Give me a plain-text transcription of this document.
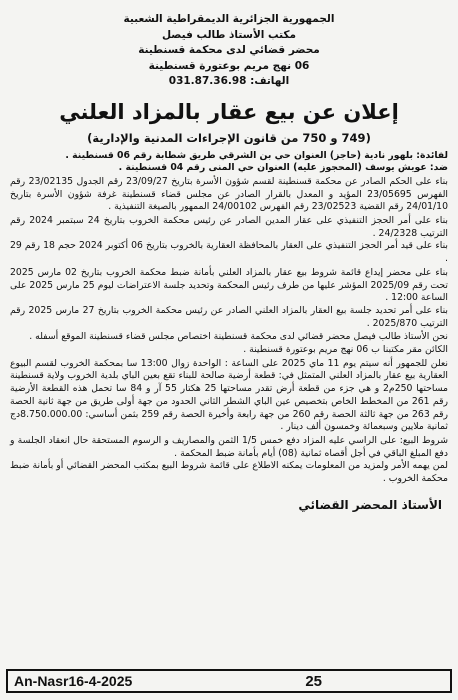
الجمهورية الجزائرية الديمقراطية الشعبية
مكتب الأستاذ طالب فيصل
محضر قضائي لدى محكمة قسنطينة
06 نهج مريم بوعتورة قسنطينة
الهاتف: 031.87.36.98
إعلان عن بيع عقار بالمزاد العلني
(749 و 750 من قانون الإجراءات المدنية والإدارية)

لفائدة: بلهور نادية (حاجز) العنوان حي بن الشرقي طريق شطابة رقم 06 قسنطينة .

ضد: عويش يوسف (المحجوز عليه) العنوان حي المنى رقم 04 قسنطينة .

بناء على الحكم الصادر عن محكمة قسنطينة لقسم شؤون الأسرة بتاريخ 23/09/27 رقم الجدول 23/02135 رقم الفهرس 23/05695 المؤيد و المعدل بالقرار الصادر عن مجلس قضاء قسنطينة غرفة شؤون الأسرة بتاريخ 24/01/10 رقم القضية 23/02523 رقم الفهرس 24/00102 الممهور بالصيغة التنفيذية .

بناء على أمر الحجز التنفيذي على عقار المدين الصادر عن رئيس محكمة الخروب بتاريخ 24 سبتمبر 2024 رقم الترتيب 24/2328 .

بناء على قيد أمر الحجز التنفيذي على العقار بالمحافظة العقارية بالخروب بتاريخ 06 أكتوبر 2024 حجم 18 رقم 29 .

بناء على محضر إيداع قائمة شروط بيع عقار بالمزاد العلني بأمانة ضبط محكمة الخروب بتاريخ 02 مارس 2025 تحت رقم 2025/09 المؤشر عليها من طرف رئيس المحكمة وتحديد جلسة الاعتراضات ليوم 25 مارس 2025 على الساعة 12:00 .

بناء على أمر تحديد جلسة بيع العقار بالمزاد العلني الصادر عن رئيس محكمة الخروب بتاريخ 27 مارس 2025 رقم الترتيب 2025/870 .

نحن الأستاذ طالب فيصل محضر قضائي لدى محكمة قسنطينة اختصاص مجلس قضاء قسنطينة الموقع أسفله .

الكائن مقر مكتبنا ب 06 نهج مريم بوعتورة قسنطينة .

نعلن للجمهور أنه سيتم يوم 11 ماي 2025 على الساعة : الواحدة زوال 13:00 سا بمحكمة الخروب لقسم البيوع العقارية بيع عقار بالمزاد العلني المتمثل في: قطعة أرضية صالحة للبناء تقع بعين الباي بلدية الخروب ولاية قسنطينة مساحتها 250م2 و هي جزء من قطعة أرض تقدر مساحتها 25 هكتار 55 آر و 84 سا تحمل هذه القطعة الأرضية رقم 261 من المخطط الخاص بتخصيص عين الباي الشطر الثاني الحدود من جهة أولى طريق من جهة ثانية الحصة رقم 263 من جهة ثالثة الحصة رقم 260 من جهة رابعة وأخيرة الحصة رقم 259 بثمن أساسي: 8.750.000.00دج ثمانية ملايين وسبعمائة وخمسون ألف دينار .

شروط البيع: على الراسي عليه المزاد دفع خمس 1/5 الثمن والمصاريف و الرسوم المستحقة حال انعقاد الجلسة و دفع المبلغ الباقي في أجل أقصاه ثمانية (08) أيام بأمانة ضبط المحكمة .

لمن يهمه الأمر ولمزيد من المعلومات يمكنه الاطلاع على قائمة شروط البيع بمكتب المحضر القضائي أو بأمانة ضبط محكمة الخروب .

الأستاذ المحضر القضائي
An-Nasr16-4-2025	25
